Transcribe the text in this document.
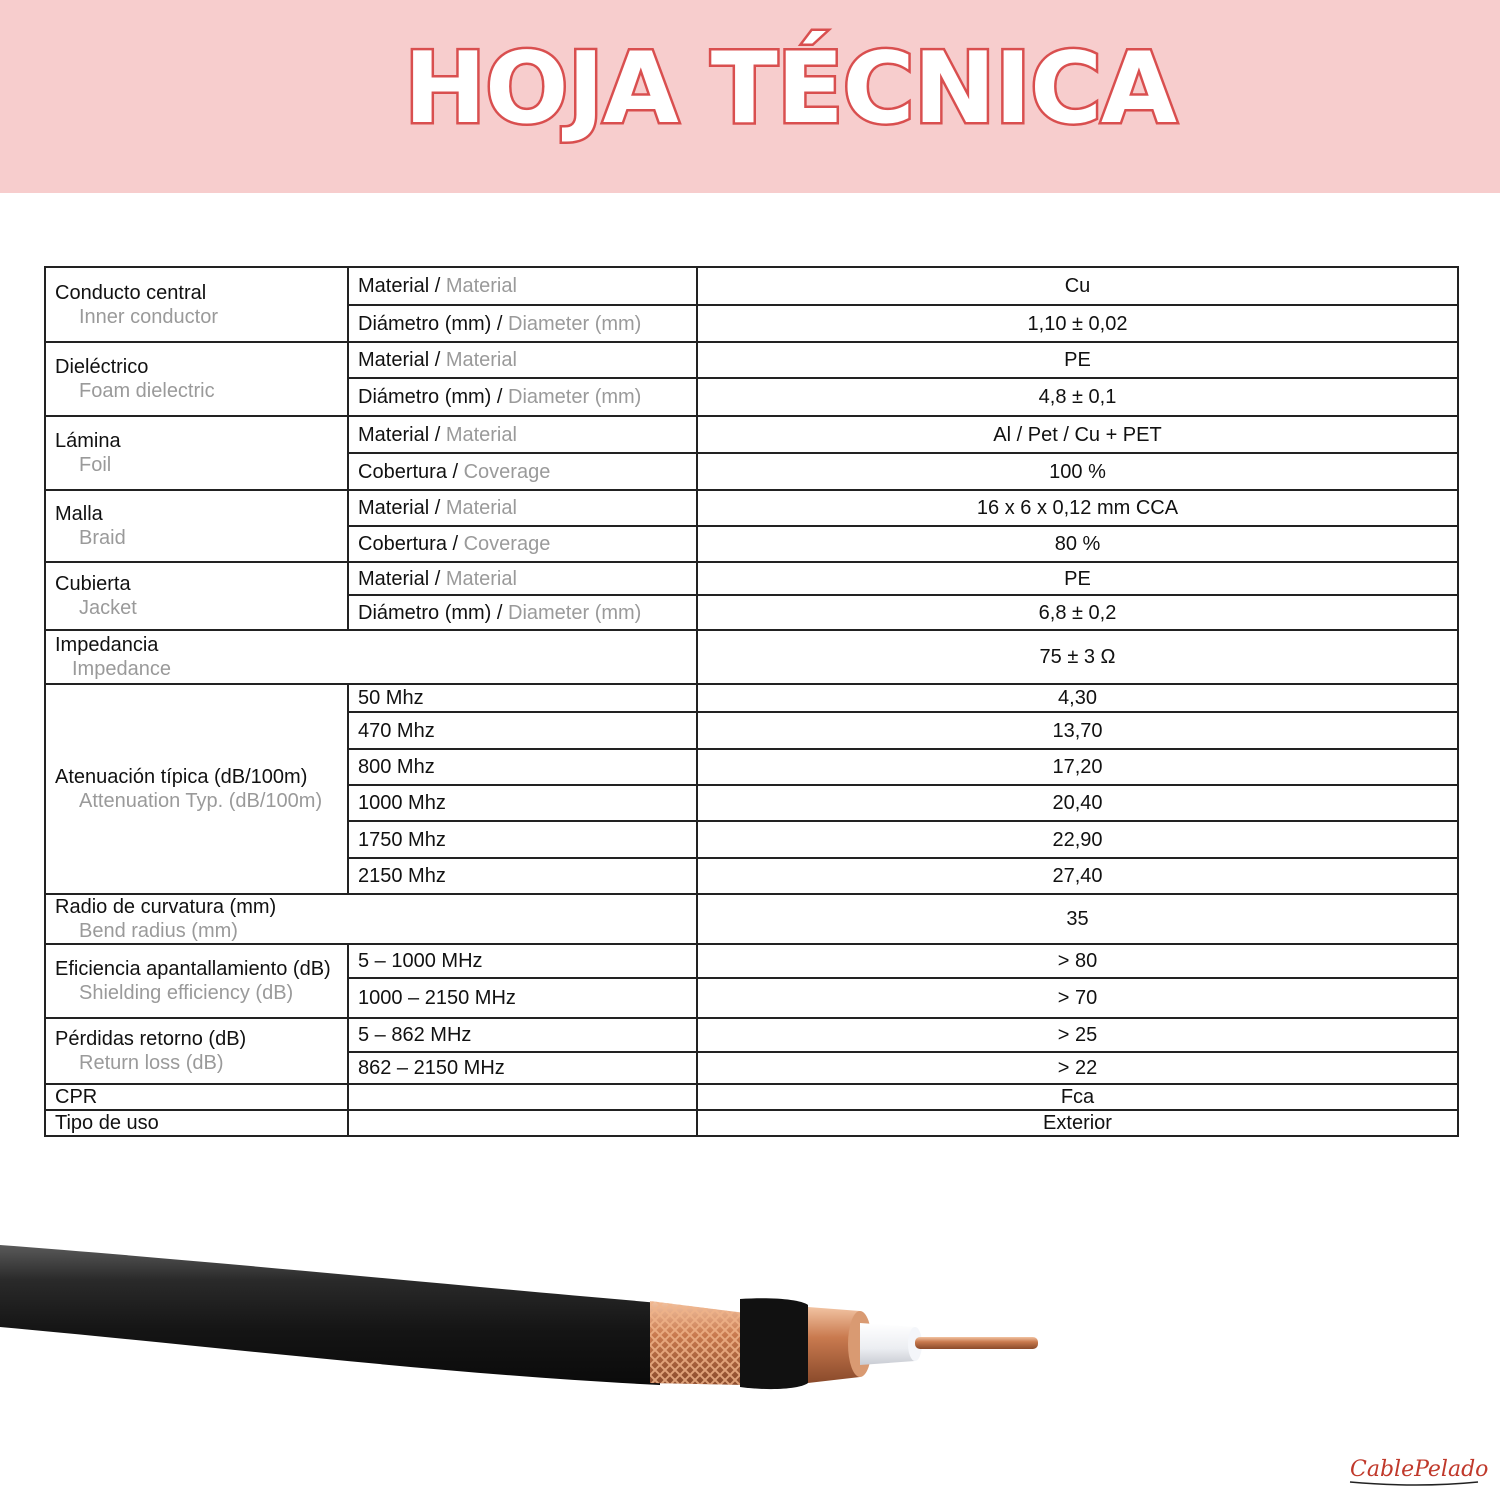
HOJA TÉCNICA
Conducto central
Inner conductor	Material / Material	Cu
	Diámetro (mm) / Diameter (mm)	1,10 ± 0,02
Dieléctrico
Foam dielectric	Material / Material	PE
	Diámetro (mm) / Diameter (mm)	4,8 ± 0,1
Lámina
Foil	Material / Material	Al / Pet / Cu + PET
	Cobertura / Coverage	100 %
Malla
Braid	Material / Material	16 x 6 x 0,12 mm CCA
	Cobertura / Coverage	80 %
Cubierta
Jacket	Material / Material	PE
	Diámetro (mm) / Diameter (mm)	6,8 ± 0,2
Impedancia
Impedance		75 ± 3 Ω
Atenuación típica (dB/100m)
Attenuation Typ. (dB/100m)	50 Mhz	4,30
	470 Mhz	13,70
	800 Mhz	17,20
	1000 Mhz	20,40
	1750 Mhz	22,90
	2150 Mhz	27,40
Radio de curvatura (mm)
Bend radius (mm)		35
Eficiencia apantallamiento (dB)
Shielding efficiency (dB)	5 – 1000 MHz	> 80
	1000 – 2150 MHz	> 70
Pérdidas retorno (dB)
Return loss (dB)	5 – 862 MHz	> 25
	862 – 2150 MHz	> 22
CPR		Fca
Tipo de uso		Exterior
CablePelado
